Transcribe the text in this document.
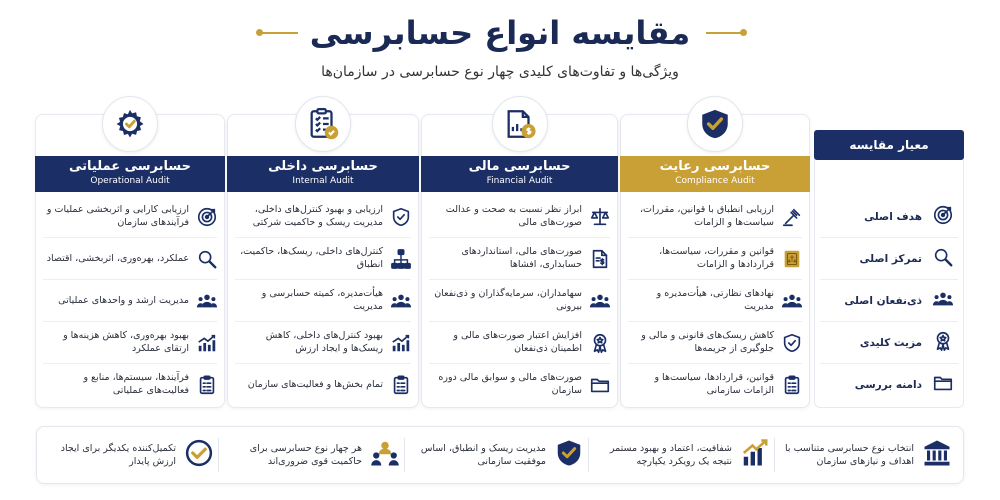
مقایسه انواع حسابرسی
ویژگی‌ها و تفاوت‌های کلیدی چهار نوع حسابرسی در سازمان‌ها
حسابرسی رعایت
Compliance Audit
ارزیابی انطباق با قوانین، مقررات، سیاست‌ها و الزامات
قوانین و مقررات، سیاست‌ها، قراردادها و الزامات
نهادهای نظارتی، هیأت‌مدیره و مدیریت
کاهش ریسک‌های قانونی و مالی و جلوگیری از جریمه‌ها
قوانین، قراردادها، سیاست‌ها و الزامات سازمانی
حسابرسی مالی
Financial Audit
ابراز نظر نسبت به صحت و عدالت صورت‌های مالی
صورت‌های مالی، استانداردهای حسابداری، افشاها
سهامداران، سرمایه‌گذاران و ذی‌نفعان بیرونی
افزایش اعتبار صورت‌های مالی و اطمینان ذی‌نفعان
صورت‌های مالی و سوابق مالی دوره سازمان
حسابرسی داخلی
Internal Audit
ارزیابی و بهبود کنترل‌های داخلی، مدیریت ریسک و حاکمیت شرکتی
کنترل‌های داخلی، ریسک‌ها، حاکمیت، انطباق
هیأت‌مدیره، کمیته حسابرسی و مدیریت
بهبود کنترل‌های داخلی، کاهش ریسک‌ها و ایجاد ارزش
تمام بخش‌ها و فعالیت‌های سازمان
حسابرسی عملیاتی
Operational Audit
ارزیابی کارایی و اثربخشی عملیات و فرآیندهای سازمان
عملکرد، بهره‌وری، اثربخشی، اقتصاد
مدیریت ارشد و واحدهای عملیاتی
بهبود بهره‌وری، کاهش هزینه‌ها و ارتقای عملکرد
فرآیندها، سیستم‌ها، منابع و فعالیت‌های عملیاتی
معیار مقایسه
هدف اصلی
تمرکز اصلی
ذی‌نفعان اصلی
مزیت کلیدی
دامنه بررسی
انتخاب نوع حسابرسی متناسب با اهداف و نیازهای سازمان
شفافیت، اعتماد و بهبود مستمر نتیجه یک رویکرد یکپارچه
مدیریت ریسک و انطباق، اساس موفقیت سازمانی
هر چهار نوع حسابرسی برای حاکمیت قوی ضروری‌اند
تکمیل‌کننده یکدیگر برای ایجاد ارزش پایدار
